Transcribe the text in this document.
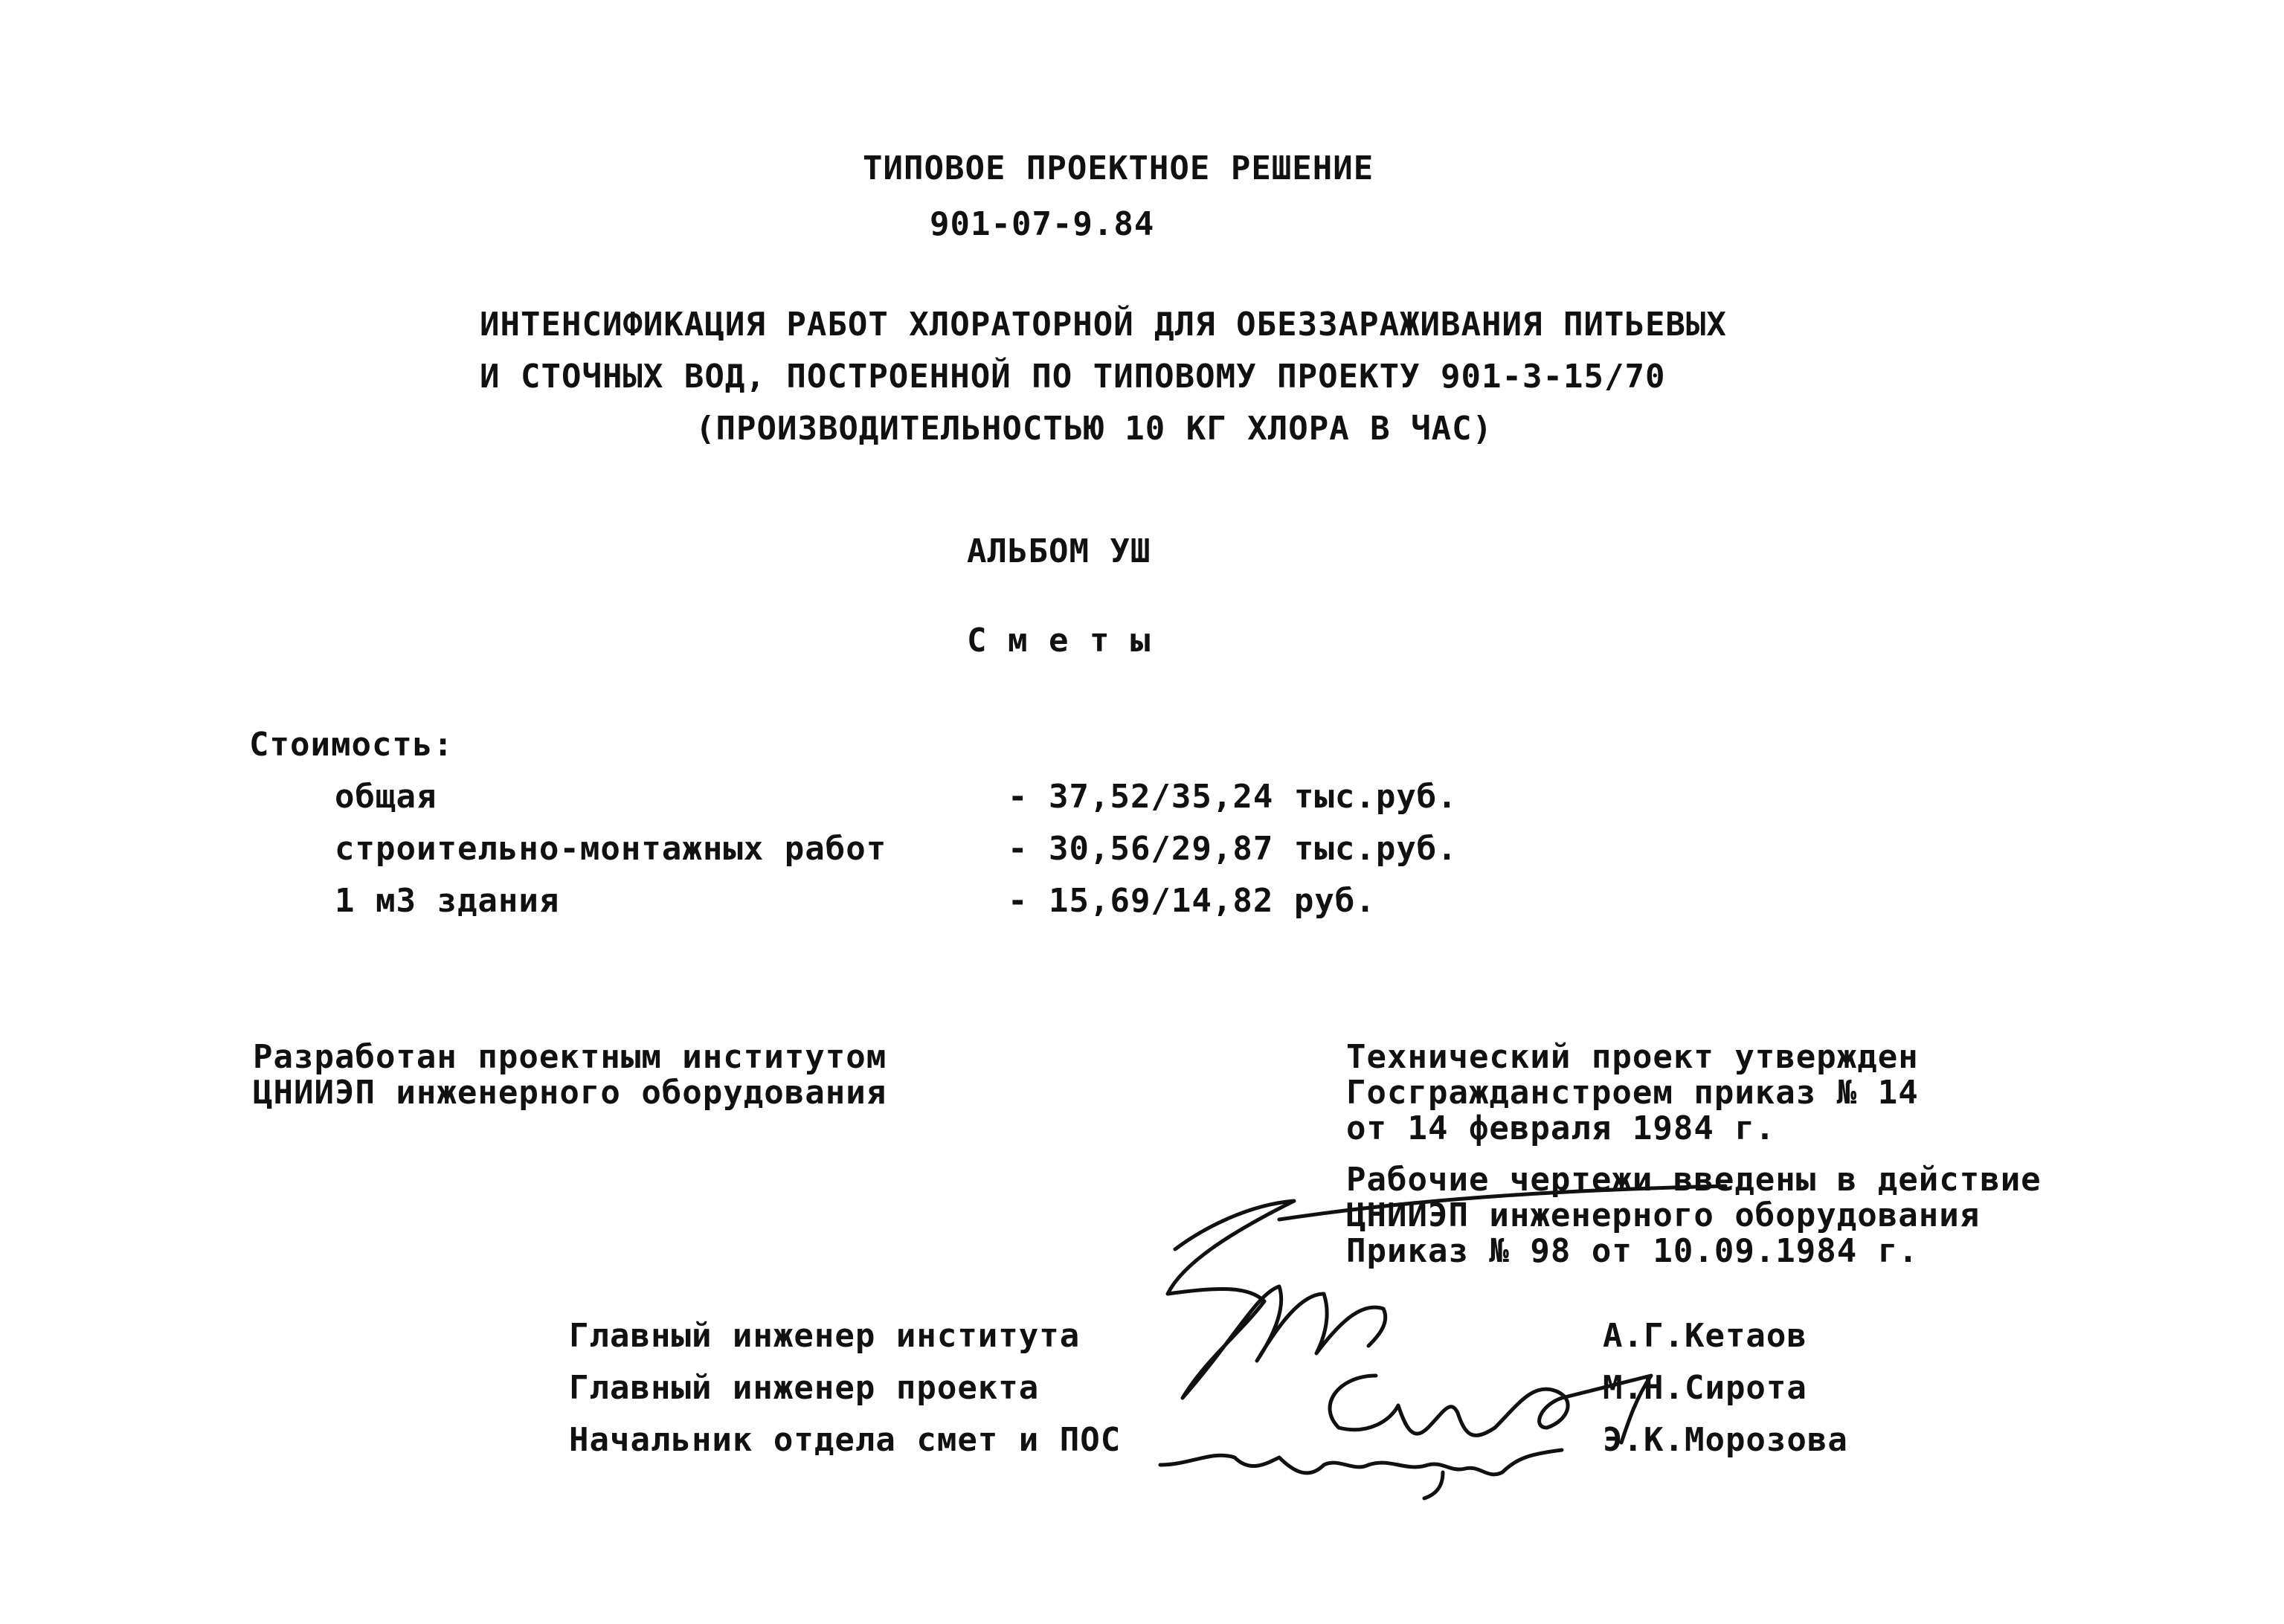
ТИПОВОЕ ПРОЕКТНОЕ РЕШЕНИЕ
901-07-9.84
ИНТЕНСИФИКАЦИЯ РАБОТ ХЛОРАТОРНОЙ ДЛЯ ОБЕЗЗАРАЖИВАНИЯ ПИТЬЕВЫХ
И СТОЧНЫХ ВОД, ПОСТРОЕННОЙ ПО ТИПОВОМУ ПРОЕКТУ 901-3-15/70
(ПРОИЗВОДИТЕЛЬНОСТЬЮ 10 КГ ХЛОРА В ЧАС)
АЛЬБОМ УШ
С м е т ы
Стоимость:
общая	- 37,52/35,24 тыс.руб.
строительно-монтажных работ	- 30,56/29,87 тыс.руб.
1 м3 здания	- 15,69/14,82 руб.
Разработан проектным институтом
ЦНИИЭП инженерного оборудования
Технический проект утвержден
Госгражданстроем приказ № 14
от 14 февраля 1984 г.
Рабочие чертежи введены в действие
ЦНИИЭП инженерного оборудования
Приказ № 98 от 10.09.1984 г.
Главный инженер института	А.Г.Кетаов
Главный инженер проекта	М.Н.Сирота
Начальник отдела смет и ПОС	Э.К.Морозова
